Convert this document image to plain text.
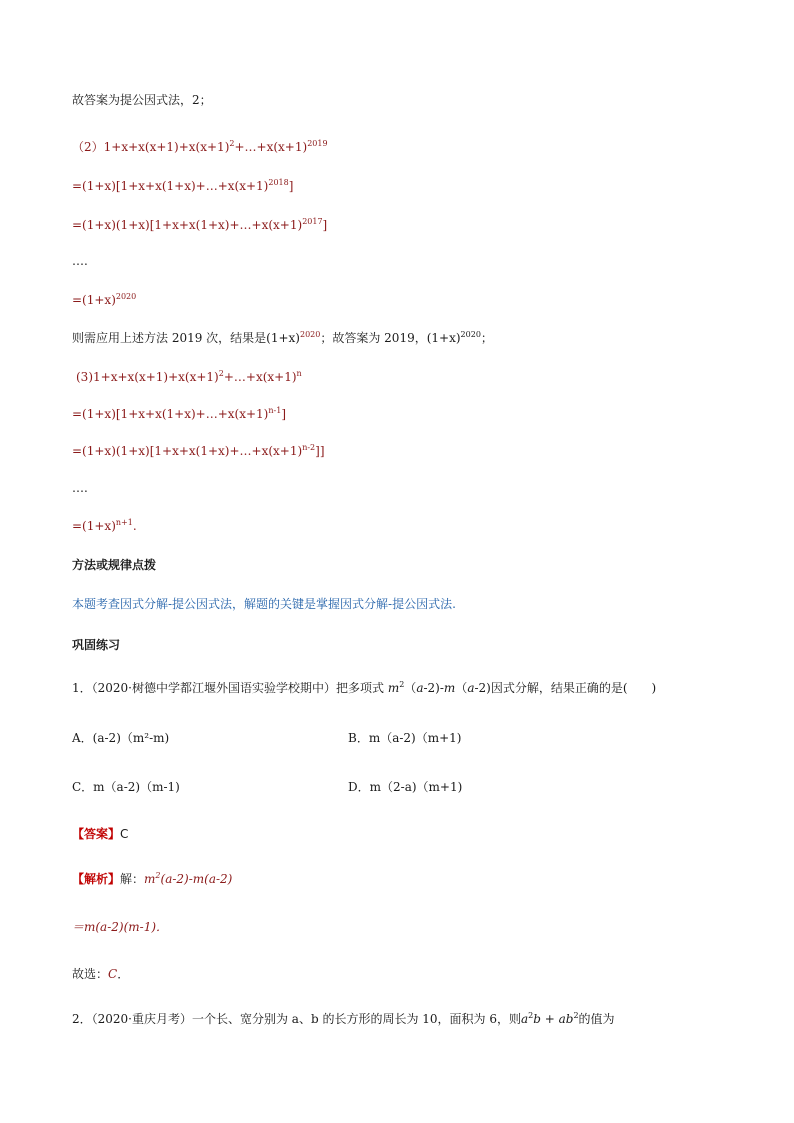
故答案为提公因式法，2；
$(2)1+x+x(x+1)+x(x+1)^2+\dots+x(x+1)^{2019}$
$=(1+x)[1+x+x(1+x)+\dots+x(x+1)^{2018}]$
$=(1+x)(1+x)[1+x+x(1+x)+\dots+x(x+1)^{2017}]$
….
$=(1+x)^{2020}$
则需应用上述方法 2019 次，结果是$(1+x)^{2020}$；故答案为 2019，$(1+x)^{2020}$；
$(3)1+x+x(x+1)+x(x+1)^2+\dots+x(x+1)^n$
$=(1+x)[1+x+x(1+x)+\dots+x(x+1)^{n-1}]$
$=(1+x)(1+x)[1+x+x(1+x)+\dots+x(x+1)^{n-2}]$]
….
$=(1+x)^{n+1}$.
方法或规律点拨
本题考查因式分解-提公因式法，解题的关键是掌握因式分解-提公因式法.
巩固练习
1．（2020·树德中学都江堰外国语实验学校期中）把多项式 $m^2(a-2)-m(a-2)$因式分解，结果正确的是(　　)
A．(a-2)（m²-m)	B．m（a-2)（m+1)
C．m（a-2)（m-1)	D．m（2-a)（m+1)
【答案】C
【解析】解：$m^2(a-2)-m(a-2)$
＝m(a-2)(m-1)．
故选：C．
2．（2020·重庆月考）一个长、宽分别为 a、b 的长方形的周长为 10，面积为 6，则$a^2b + ab^2$的值为
